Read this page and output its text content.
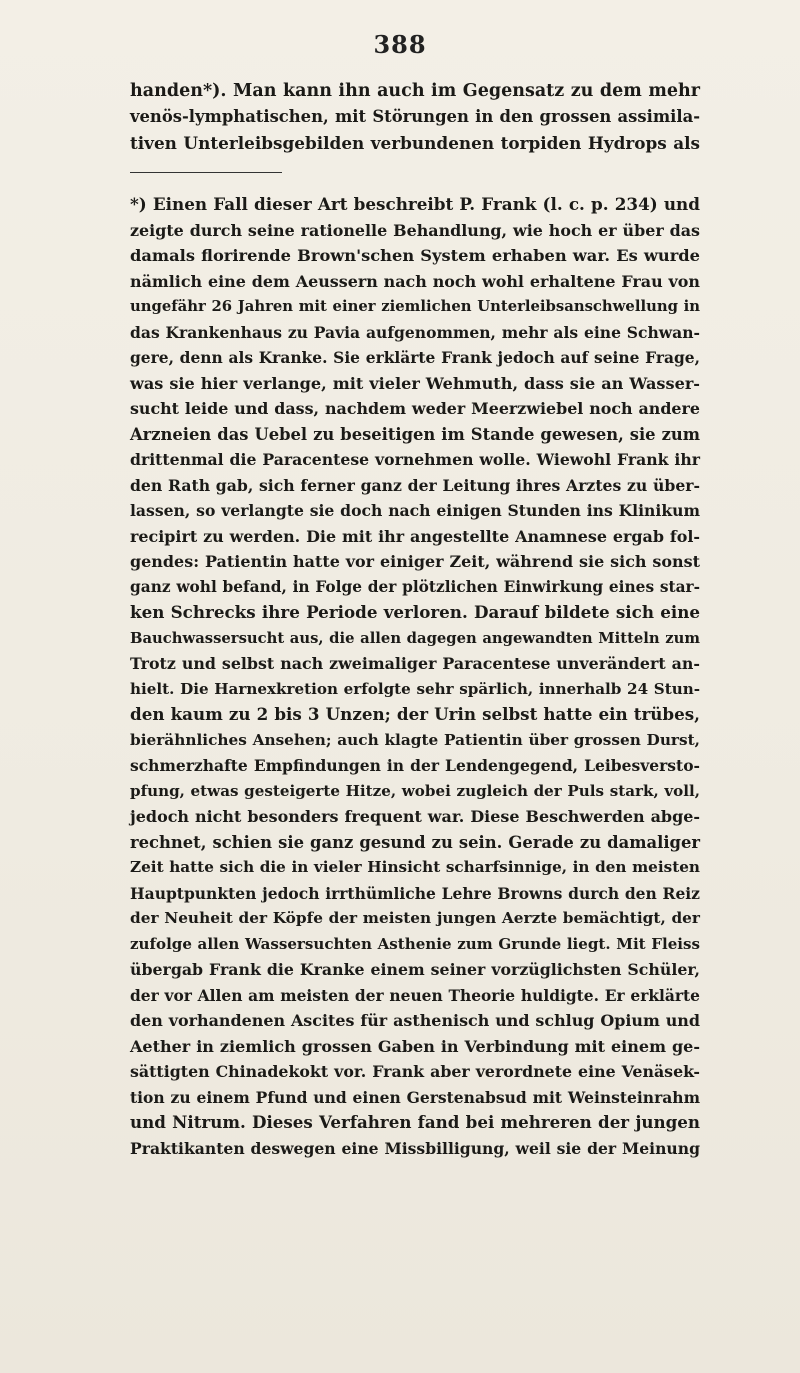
388
handen*). Man kann ihn auch im Gegensatz zu dem mehr
venös-lymphatischen, mit Störungen in den grossen assimila-
tiven Unterleibsgebilden verbundenen torpiden Hydrops als
*) Einen Fall dieser Art beschreibt P. Frank (l. c. p. 234) und
zeigte durch seine rationelle Behandlung, wie hoch er über das
damals florirende Brown'schen System erhaben war. Es wurde
nämlich eine dem Aeussern nach noch wohl erhaltene Frau von
ungefähr 26 Jahren mit einer ziemlichen Unterleibsanschwellung in
das Krankenhaus zu Pavia aufgenommen, mehr als eine Schwan-
gere, denn als Kranke. Sie erklärte Frank jedoch auf seine Frage,
was sie hier verlange, mit vieler Wehmuth, dass sie an Wasser-
sucht leide und dass, nachdem weder Meerzwiebel noch andere
Arzneien das Uebel zu beseitigen im Stande gewesen, sie zum
drittenmal die Paracentese vornehmen wolle. Wiewohl Frank ihr
den Rath gab, sich ferner ganz der Leitung ihres Arztes zu über-
lassen, so verlangte sie doch nach einigen Stunden ins Klinikum
recipirt zu werden. Die mit ihr angestellte Anamnese ergab fol-
gendes: Patientin hatte vor einiger Zeit, während sie sich sonst
ganz wohl befand, in Folge der plötzlichen Einwirkung eines star-
ken Schrecks ihre Periode verloren. Darauf bildete sich eine
Bauchwassersucht aus, die allen dagegen angewandten Mitteln zum
Trotz und selbst nach zweimaliger Paracentese unverändert an-
hielt. Die Harnexkretion erfolgte sehr spärlich, innerhalb 24 Stun-
den kaum zu 2 bis 3 Unzen; der Urin selbst hatte ein trübes,
bierähnliches Ansehen; auch klagte Patientin über grossen Durst,
schmerzhafte Empfindungen in der Lendengegend, Leibesversto-
pfung, etwas gesteigerte Hitze, wobei zugleich der Puls stark, voll,
jedoch nicht besonders frequent war. Diese Beschwerden abge-
rechnet, schien sie ganz gesund zu sein. Gerade zu damaliger
Zeit hatte sich die in vieler Hinsicht scharfsinnige, in den meisten
Hauptpunkten jedoch irrthümliche Lehre Browns durch den Reiz
der Neuheit der Köpfe der meisten jungen Aerzte bemächtigt, der
zufolge allen Wassersuchten Asthenie zum Grunde liegt. Mit Fleiss
übergab Frank die Kranke einem seiner vorzüglichsten Schüler,
der vor Allen am meisten der neuen Theorie huldigte. Er erklärte
den vorhandenen Ascites für asthenisch und schlug Opium und
Aether in ziemlich grossen Gaben in Verbindung mit einem ge-
sättigten Chinadekokt vor. Frank aber verordnete eine Venäsek-
tion zu einem Pfund und einen Gerstenabsud mit Weinsteinrahm
und Nitrum. Dieses Verfahren fand bei mehreren der jungen
Praktikanten deswegen eine Missbilligung, weil sie der Meinung
